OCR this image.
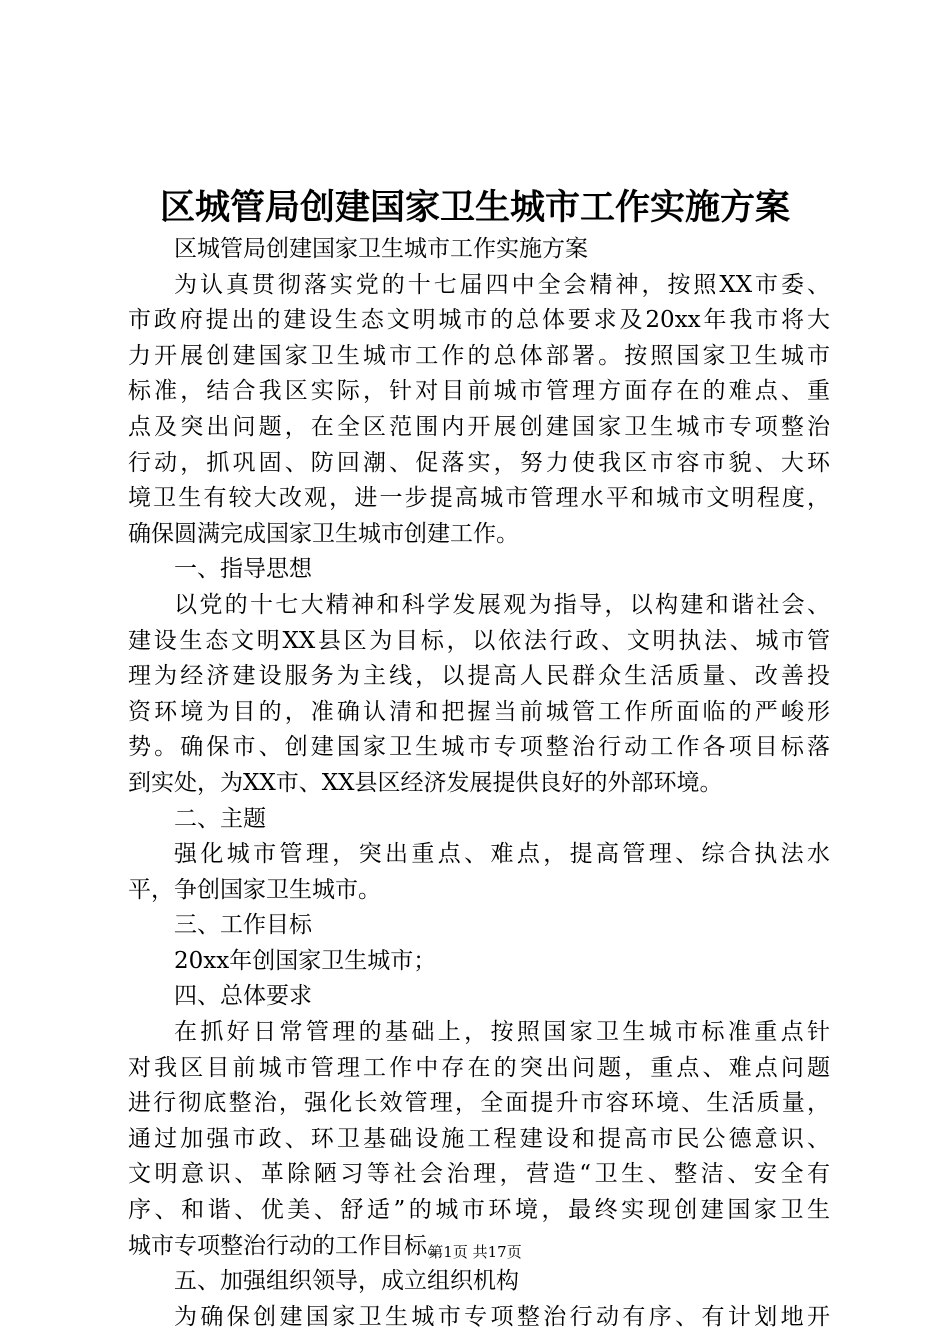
区城管局创建国家卫生城市工作实施方案
区城管局创建国家卫生城市工作实施方案
为认真贯彻落实党的十七届四中全会精神，按照XX市委、
市政府提出的建设生态文明城市的总体要求及20xx年我市将大
力开展创建国家卫生城市工作的总体部署。按照国家卫生城市
标准，结合我区实际，针对目前城市管理方面存在的难点、重
点及突出问题，在全区范围内开展创建国家卫生城市专项整治
行动，抓巩固、防回潮、促落实，努力使我区市容市貌、大环
境卫生有较大改观，进一步提高城市管理水平和城市文明程度，
确保圆满完成国家卫生城市创建工作。
一、指导思想
以党的十七大精神和科学发展观为指导，以构建和谐社会、
建设生态文明XX县区为目标，以依法行政、文明执法、城市管
理为经济建设服务为主线，以提高人民群众生活质量、改善投
资环境为目的，准确认清和把握当前城管工作所面临的严峻形
势。确保市、创建国家卫生城市专项整治行动工作各项目标落
到实处，为XX市、XX县区经济发展提供良好的外部环境。
二、主题
强化城市管理，突出重点、难点，提高管理、综合执法水
平，争创国家卫生城市。
三、工作目标
20xx年创国家卫生城市；
四、总体要求
在抓好日常管理的基础上，按照国家卫生城市标准重点针
对我区目前城市管理工作中存在的突出问题，重点、难点问题
进行彻底整治，强化长效管理，全面提升市容环境、生活质量，
通过加强市政、环卫基础设施工程建设和提高市民公德意识、
文明意识、革除陋习等社会治理，营造“卫生、整洁、安全有
序、和谐、优美、舒适”的城市环境，最终实现创建国家卫生
城市专项整治行动的工作目标。
五、加强组织领导，成立组织机构
为确保创建国家卫生城市专项整治行动有序、有计划地开
第1页 共17页
